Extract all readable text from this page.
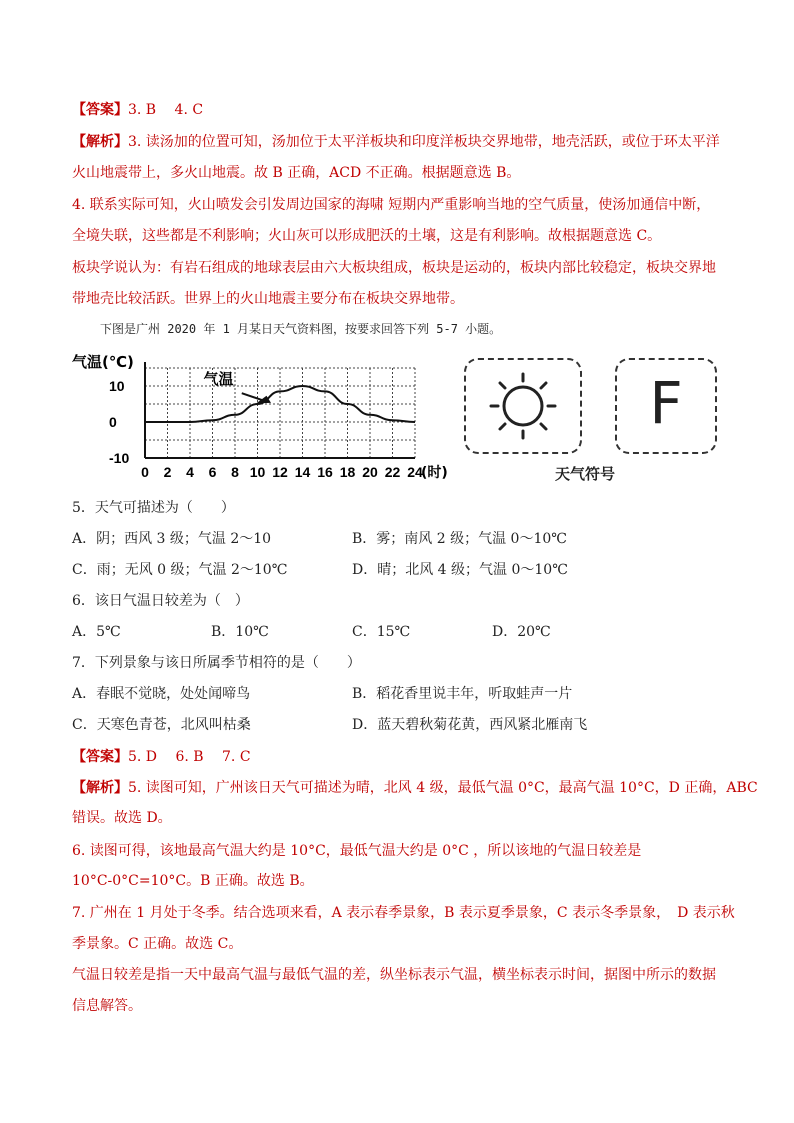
【答案】3. B　 4. C
【解析】3. 读汤加的位置可知，汤加位于太平洋板块和印度洋板块交界地带，地壳活跃，或位于环太平洋
火山地震带上，多火山地震。故 B 正确，ACD 不正确。根据题意选 B。
4. 联系实际可知，火山喷发会引发周边国家的海啸 短期内严重影响当地的空气质量，使汤加通信中断，
全境失联，这些都是不利影响；火山灰可以形成肥沃的土壤，这是有利影响。故根据题意选 C。
板块学说认为：有岩石组成的地球表层由六大板块组成，板块是运动的，板块内部比较稳定，板块交界地
带地壳比较活跃。世界上的火山地震主要分布在板块交界地带。
下图是广州 2020 年 1 月某日天气资料图，按要求回答下列 5-7 小题。
10
0
-10
0 2 4 6 8 10 12 14 16 18 20 22 24
气温(℃)
(时)
气温	F
天气符号
5．天气可描述为（　　）
A．阴；西风 3 级；气温 2～10	B．雾；南风 2 级；气温 0～10℃
C．雨；无风 0 级；气温 2～10℃	D．晴；北风 4 级；气温 0～10℃
6．该日气温日较差为（　）
A．5℃	B．10℃	C．15℃	D．20℃
7．下列景象与该日所属季节相符的是（　　）
A．春眠不觉晓，处处闻啼鸟	B．稻花香里说丰年，听取蛙声一片
C．天寒色青苍，北风叫枯桑	D．蓝天碧秋菊花黄，西风紧北雁南飞
【答案】5. D　 6. B　 7. C
【解析】5. 读图可知，广州该日天气可描述为晴，北风 4 级，最低气温 0°C，最高气温 10°C，D 正确，ABC
错误。故选 D。
6. 读图可得，该地最高气温大约是 10°C，最低气温大约是 0°C ，所以该地的气温日较差是
10°C-0°C=10°C。B 正确。故选 B。
7. 广州在 1 月处于冬季。结合选项来看，A 表示春季景象，B 表示夏季景象，C 表示冬季景象，　D 表示秋
季景象。C 正确。故选 C。
气温日较差是指一天中最高气温与最低气温的差，纵坐标表示气温，横坐标表示时间，据图中所示的数据
信息解答。
